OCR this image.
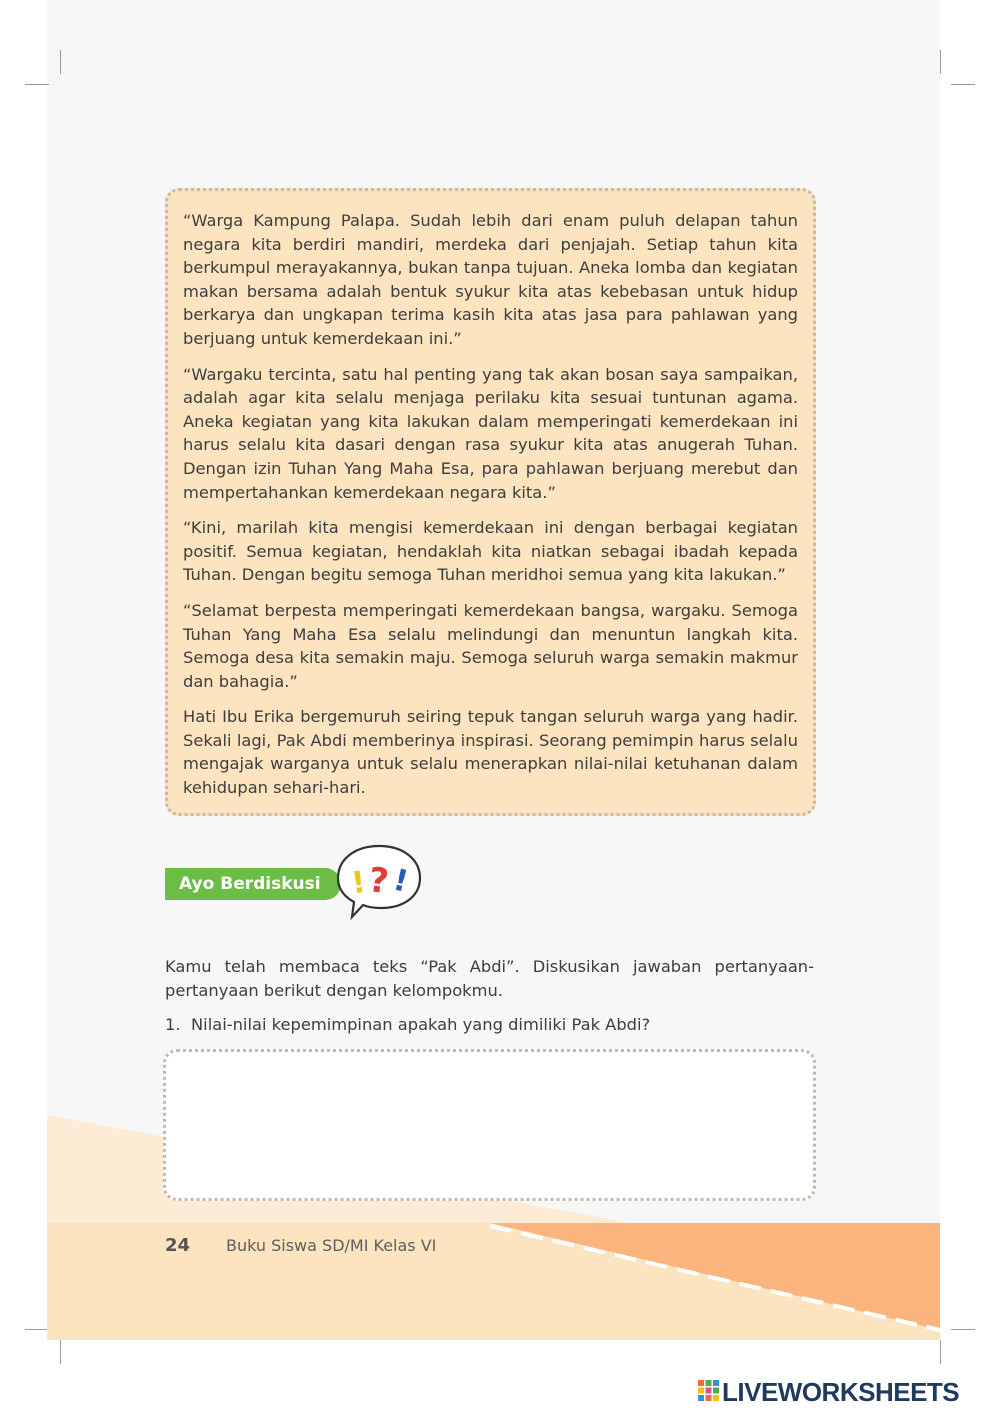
“Warga Kampung Palapa. Sudah lebih dari enam puluh delapan tahun negara kita berdiri mandiri, merdeka dari penjajah. Setiap tahun kita berkumpul merayakannya, bukan tanpa tujuan. Aneka lomba dan kegiatan makan bersama adalah bentuk syukur kita atas kebebasan untuk hidup berkarya dan ungkapan terima kasih kita atas jasa para pahlawan yang berjuang untuk kemerdekaan ini.”

“Wargaku tercinta, satu hal penting yang tak akan bosan saya sampaikan, adalah agar kita selalu menjaga perilaku kita sesuai tuntunan agama. Aneka kegiatan yang kita lakukan dalam memperingati kemerdekaan ini harus selalu kita dasari dengan rasa syukur kita atas anugerah Tuhan. Dengan izin Tuhan Yang Maha Esa, para pahlawan berjuang merebut dan mempertahankan kemerdekaan negara kita.”

“Kini, marilah kita mengisi kemerdekaan ini dengan berbagai kegiatan positif. Semua kegiatan, hendaklah kita niatkan sebagai ibadah kepada Tuhan. Dengan begitu semoga Tuhan meridhoi semua yang kita lakukan.”

“Selamat berpesta memperingati kemerdekaan bangsa, wargaku. Semoga Tuhan Yang Maha Esa selalu melindungi dan menuntun langkah kita. Semoga desa kita semakin maju. Semoga seluruh warga semakin makmur dan bahagia.”

Hati Ibu Erika bergemuruh seiring tepuk tangan seluruh warga yang hadir. Sekali lagi, Pak Abdi memberinya inspirasi. Seorang pemimpin harus selalu mengajak warganya untuk selalu menerapkan nilai-nilai ketuhanan dalam kehidupan sehari-hari.

Ayo Berdiskusi ! ? !

Kamu telah membaca teks “Pak Abdi”. Diskusikan jawaban pertanyaan-pertanyaan berikut dengan kelompokmu.

1. Nilai-nilai kepemimpinan apakah yang dimiliki Pak Abdi?

24 Buku Siswa SD/MI Kelas VI
LIVEWORKSHEETS
